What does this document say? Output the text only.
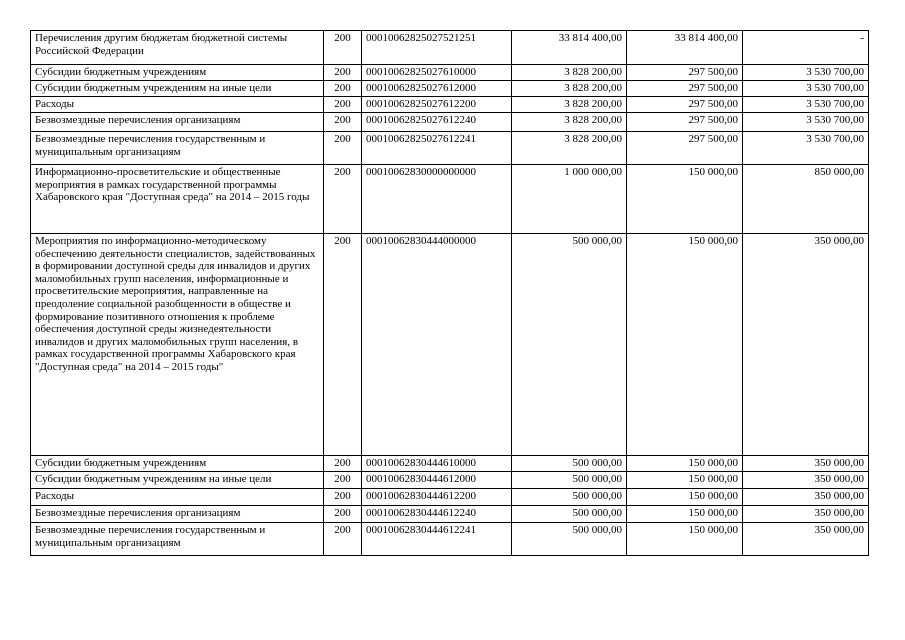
Перечисления другим бюджетам бюджетной системы Российской Федерации	200	00010062825027521251	33 814 400,00	33 814 400,00	-
Субсидии бюджетным учреждениям	200	00010062825027610000	3 828 200,00	297 500,00	3 530 700,00
Субсидии бюджетным учреждениям на иные цели	200	00010062825027612000	3 828 200,00	297 500,00	3 530 700,00
Расходы	200	00010062825027612200	3 828 200,00	297 500,00	3 530 700,00
Безвозмездные перечисления организациям	200	00010062825027612240	3 828 200,00	297 500,00	3 530 700,00
Безвозмездные перечисления государственным и муниципальным организациям	200	00010062825027612241	3 828 200,00	297 500,00	3 530 700,00
Информационно-просветительские и общественные мероприятия в рамках государственной программы Хабаровского края "Доступная среда" на 2014 – 2015 годы	200	00010062830000000000	1 000 000,00	150 000,00	850 000,00
Мероприятия по информационно-методическому обеспечению деятельности специалистов, задействованных в формировании доступной среды для инвалидов и других маломобильных групп населения, информационные и просветительские мероприятия, направленные на преодоление социальной разобщенности в обществе и формирование позитивного отношения к проблеме обеспечения доступной среды жизнедеятельности инвалидов и других маломобильных групп населения, в рамках государственной программы Хабаровского края "Доступная среда" на 2014 – 2015 годы"	200	00010062830444000000	500 000,00	150 000,00	350 000,00
Субсидии бюджетным учреждениям	200	00010062830444610000	500 000,00	150 000,00	350 000,00
Субсидии бюджетным учреждениям на иные цели	200	00010062830444612000	500 000,00	150 000,00	350 000,00
Расходы	200	00010062830444612200	500 000,00	150 000,00	350 000,00
Безвозмездные перечисления организациям	200	00010062830444612240	500 000,00	150 000,00	350 000,00
Безвозмездные перечисления государственным и муниципальным организациям	200	00010062830444612241	500 000,00	150 000,00	350 000,00
